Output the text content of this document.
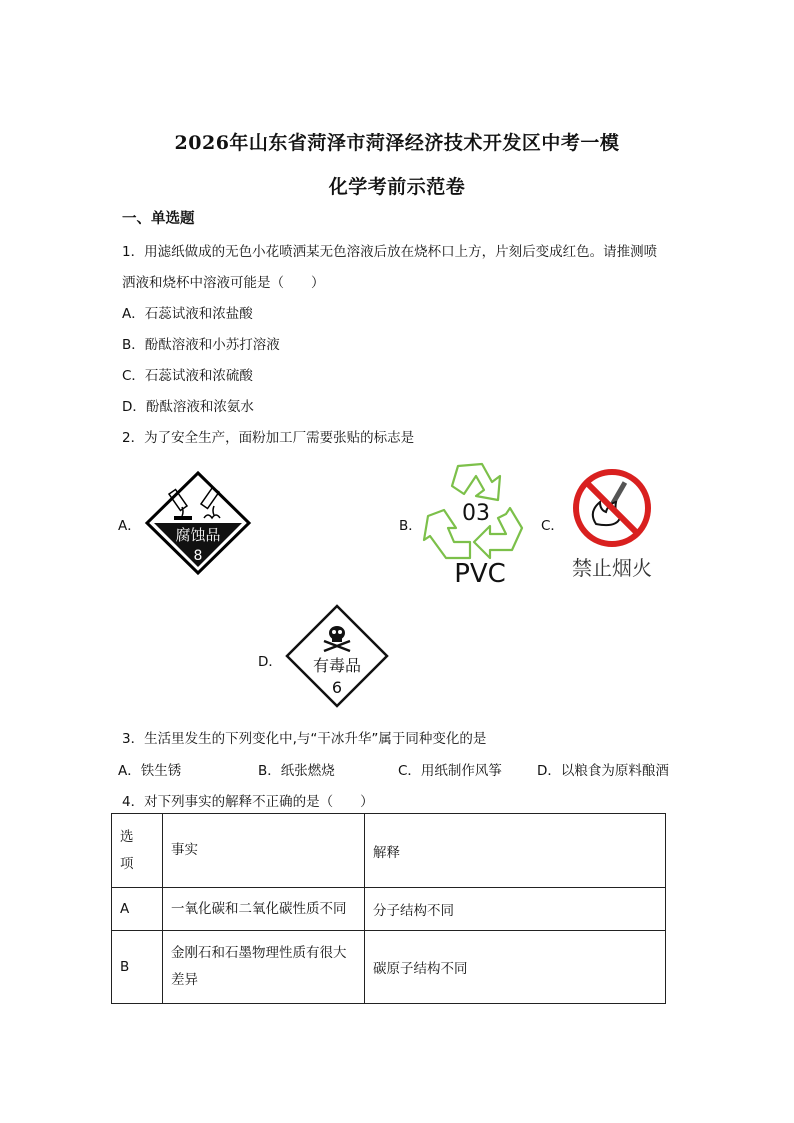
2026年山东省菏泽市菏泽经济技术开发区中考一模
化学考前示范卷
一、单选题
1．用滤纸做成的无色小花喷洒某无色溶液后放在烧杯口上方，片刻后变成红色。请推测喷
洒液和烧杯中溶液可能是（　　）
A．石蕊试液和浓盐酸
B．酚酞溶液和小苏打溶液
C．石蕊试液和浓硫酸
D．酚酞溶液和浓氨水
2．为了安全生产，面粉加工厂需要张贴的标志是
A． 腐蚀品
8
B． 03
PVC
C．
禁止烟火
D． 有毒品
6
3．生活里发生的下列变化中,与“干冰升华”属于同种变化的是
A．铁生锈	B．纸张燃烧	C．用纸制作风筝	D．以粮食为原料酿酒
4．对下列事实的解释不正确的是（　　）
选
项	事实	解释
A	一氧化碳和二氧化碳性质不同	分子结构不同
B	金刚石和石墨物理性质有很大
差异	碳原子结构不同
